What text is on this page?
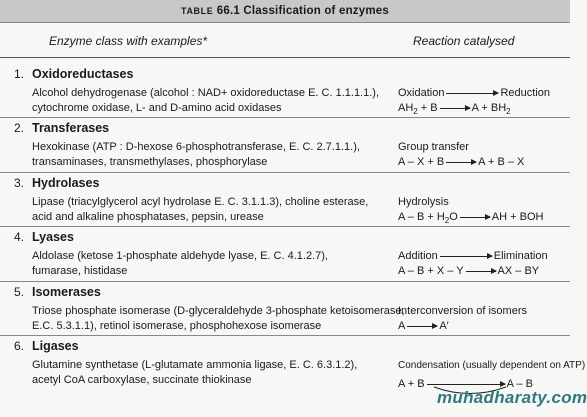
TABLE 66.1 Classification of enzymes
Enzyme class with examples*	Reaction catalysed
1. Oxidoreductases
Alcohol dehydrogenase (alcohol : NAD+ oxidoreductase E. C. 1.1.1.1.),
cytochrome oxidase, L- and D-amino acid oxidases
Oxidation	Reduction
$AH_2 + B$	$A + BH_2$
2. Transferases
Hexokinase (ATP : D-hexose 6-phosphotransferase, E. C. 2.7.1.1.),
transaminases, transmethylases, phosphorylase
Group transfer
A – X + B	A + B – X
3. Hydrolases
Lipase (triacylglycerol acyl hydrolase E. C. 3.1.1.3), choline esterase,
acid and alkaline phosphatases, pepsin, urease
Hydrolysis
$A - B + H_2O$	AH + BOH
4. Lyases
Aldolase (ketose 1-phosphate aldehyde lyase, E. C. 4.1.2.7),
fumarase, histidase
Addition	Elimination
A – B + X – Y	AX – BY
5. Isomerases
Triose phosphate isomerase (D-glyceraldehyde 3-phosphate ketoisomerase,
E.C. 5.3.1.1), retinol isomerase, phosphohexose isomerase
Interconversion of isomers
A	A′
6. Ligases
Glutamine synthetase (L-glutamate ammonia ligase, E. C. 6.3.1.2),
acetyl CoA carboxylase, succinate thiokinase
Condensation (usually dependent on ATP)
A + B	A – B
muhadharaty.com
